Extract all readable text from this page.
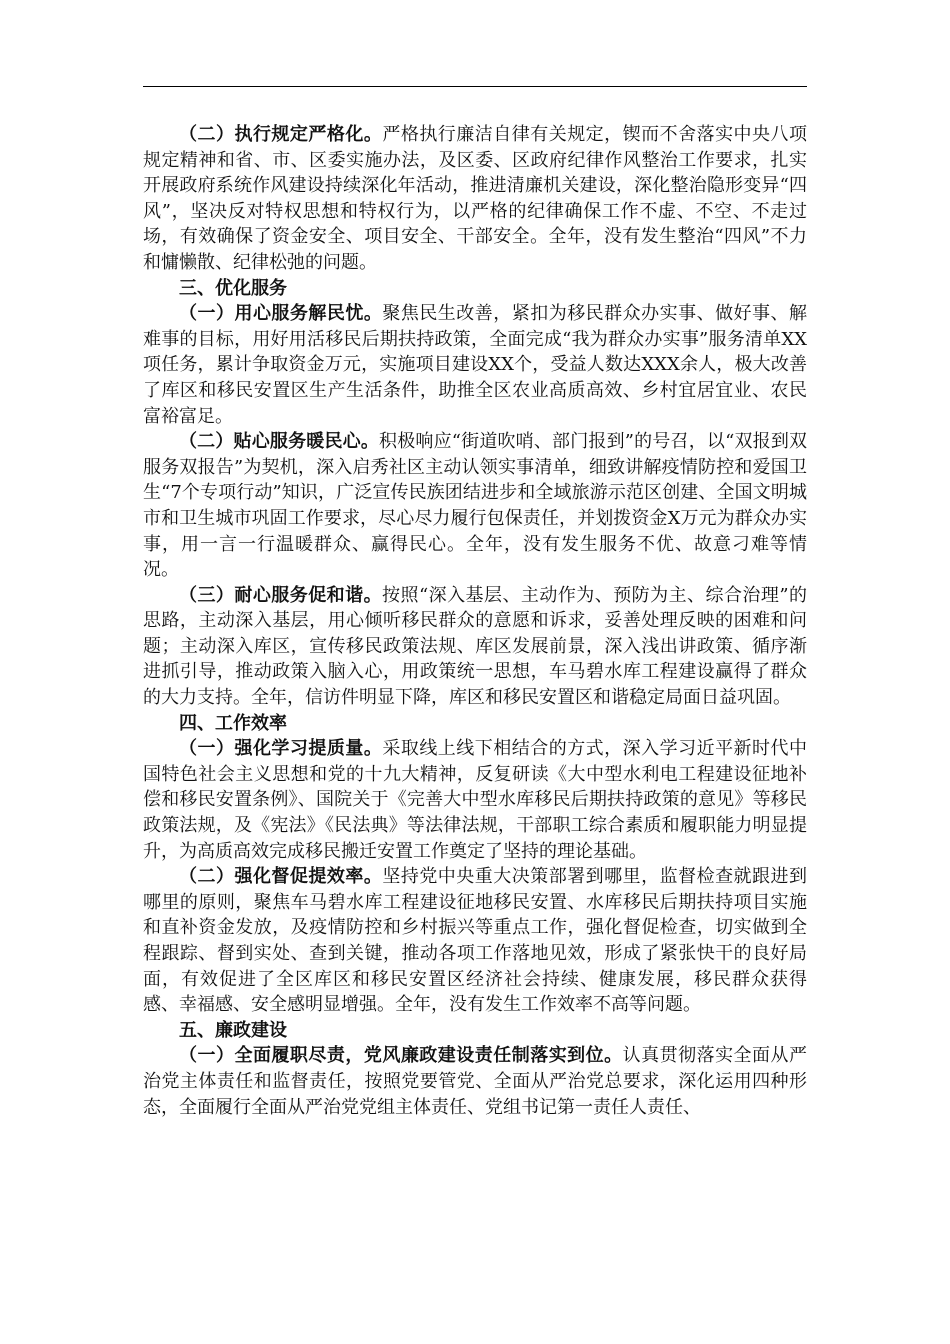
（二）执行规定严格化。严格执行廉洁自律有关规定，锲而不舍落实中央八项规定精神和省、市、区委实施办法，及区委、区政府纪律作风整治工作要求，扎实开展政府系统作风建设持续深化年活动，推进清廉机关建设，深化整治隐形变异“四风”，坚决反对特权思想和特权行为，以严格的纪律确保工作不虚、不空、不走过场，有效确保了资金安全、项目安全、干部安全。全年，没有发生整治“四风”不力和慵懒散、纪律松弛的问题。

三、优化服务

（一）用心服务解民忧。聚焦民生改善，紧扣为移民群众办实事、做好事、解难事的目标，用好用活移民后期扶持政策，全面完成“我为群众办实事”服务清单XX项任务，累计争取资金万元，实施项目建设XX个，受益人数达XXX余人，极大改善了库区和移民安置区生产生活条件，助推全区农业高质高效、乡村宜居宜业、农民富裕富足。

（二）贴心服务暖民心。积极响应“街道吹哨、部门报到”的号召，以“双报到双服务双报告”为契机，深入启秀社区主动认领实事清单，细致讲解疫情防控和爱国卫生“7个专项行动”知识，广泛宣传民族团结进步和全域旅游示范区创建、全国文明城市和卫生城市巩固工作要求，尽心尽力履行包保责任，并划拨资金X万元为群众办实事，用一言一行温暖群众、赢得民心。全年，没有发生服务不优、故意刁难等情况。

（三）耐心服务促和谐。按照“深入基层、主动作为、预防为主、综合治理”的思路，主动深入基层，用心倾听移民群众的意愿和诉求，妥善处理反映的困难和问题；主动深入库区，宣传移民政策法规、库区发展前景，深入浅出讲政策、循序渐进抓引导，推动政策入脑入心，用政策统一思想，车马碧水库工程建设赢得了群众的大力支持。全年，信访件明显下降，库区和移民安置区和谐稳定局面日益巩固。

四、工作效率

（一）强化学习提质量。采取线上线下相结合的方式，深入学习近平新时代中国特色社会主义思想和党的十九大精神，反复研读《大中型水利电工程建设征地补偿和移民安置条例》、国院关于《完善大中型水库移民后期扶持政策的意见》等移民政策法规，及《宪法》《民法典》等法律法规，干部职工综合素质和履职能力明显提升，为高质高效完成移民搬迁安置工作奠定了坚持的理论基础。

（二）强化督促提效率。坚持党中央重大决策部署到哪里，监督检查就跟进到哪里的原则，聚焦车马碧水库工程建设征地移民安置、水库移民后期扶持项目实施和直补资金发放，及疫情防控和乡村振兴等重点工作，强化督促检查，切实做到全程跟踪、督到实处、查到关键，推动各项工作落地见效，形成了紧张快干的良好局面，有效促进了全区库区和移民安置区经济社会持续、健康发展，移民群众获得感、幸福感、安全感明显增强。全年，没有发生工作效率不高等问题。

五、廉政建设

（一）全面履职尽责，党风廉政建设责任制落实到位。认真贯彻落实全面从严治党主体责任和监督责任，按照党要管党、全面从严治党总要求，深化运用四种形态，全面履行全面从严治党党组主体责任、党组书记第一责任人责任、
